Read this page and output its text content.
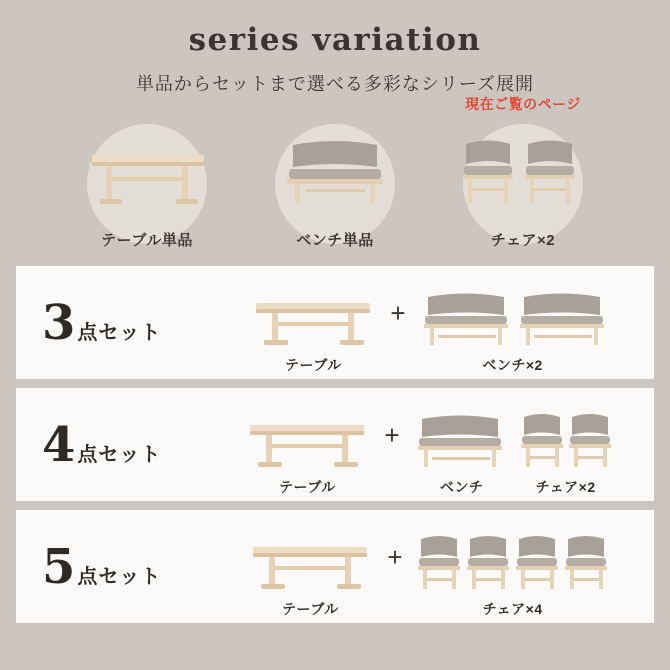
series variation

単品からセットまで選べる多彩なシリーズ展開

テーブル単品	ベンチ単品
現在ご覧のページ
チェア×2
3 点セット
テーブル
+
ベンチ×2
4 点セット
テーブル
+
ベンチ	チェア×2
5 点セット
テーブル
+
チェア×4
